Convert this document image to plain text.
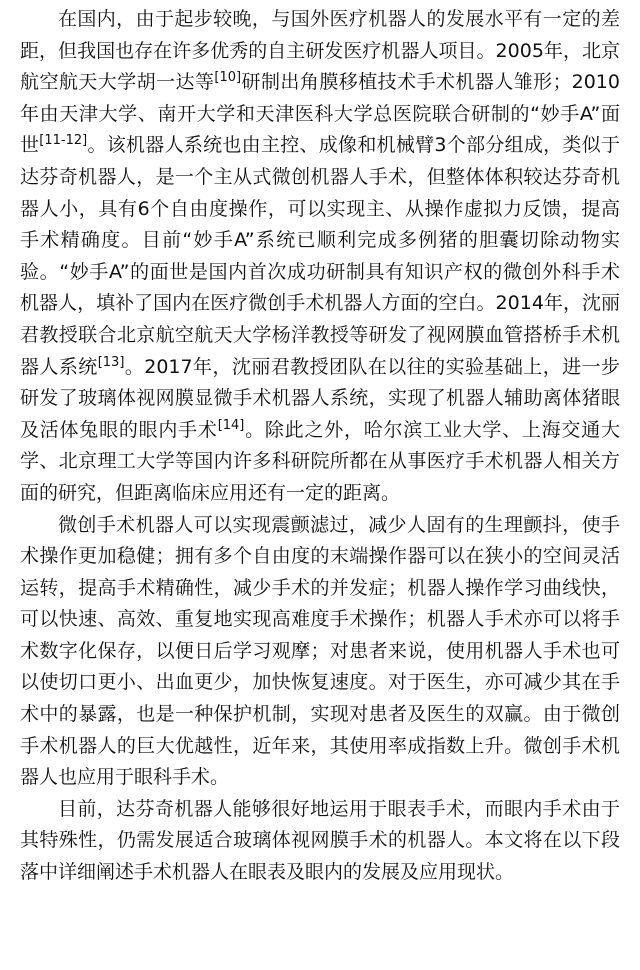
在国内，由于起步较晚，与国外医疗机器人的发展水平有一定的差距，但我国也存在许多优秀的自主研发医疗机器人项目。2005年，北京航空航天大学胡一达等[10]研制出角膜移植技术手术机器人雏形；2010年由天津大学、南开大学和天津医科大学总医院联合研制的“妙手A”面世[11-12]。该机器人系统也由主控、成像和机械臂3个部分组成，类似于达芬奇机器人，是一个主从式微创机器人手术，但整体体积较达芬奇机器人小，具有6个自由度操作，可以实现主、从操作虚拟力反馈，提高手术精确度。目前“妙手A”系统已顺利完成多例猪的胆囊切除动物实验。“妙手A”的面世是国内首次成功研制具有知识产权的微创外科手术机器人，填补了国内在医疗微创手术机器人方面的空白。2014年，沈丽君教授联合北京航空航天大学杨洋教授等研发了视网膜血管搭桥手术机器人系统[13]。2017年，沈丽君教授团队在以往的实验基础上，进一步研发了玻璃体视网膜显微手术机器人系统，实现了机器人辅助离体猪眼及活体兔眼的眼内手术[14]。除此之外，哈尔滨工业大学、上海交通大学、北京理工大学等国内许多科研院所都在从事医疗手术机器人相关方面的研究，但距离临床应用还有一定的距离。

微创手术机器人可以实现震颤滤过，减少人固有的生理颤抖，使手术操作更加稳健；拥有多个自由度的末端操作器可以在狭小的空间灵活运转，提高手术精确性，减少手术的并发症；机器人操作学习曲线快，可以快速、高效、重复地实现高难度手术操作；机器人手术亦可以将手术数字化保存，以便日后学习观摩；对患者来说，使用机器人手术也可以使切口更小、出血更少，加快恢复速度。对于医生，亦可减少其在手术中的暴露，也是一种保护机制，实现对患者及医生的双赢。由于微创手术机器人的巨大优越性，近年来，其使用率成指数上升。微创手术机器人也应用于眼科手术。

目前，达芬奇机器人能够很好地运用于眼表手术，而眼内手术由于其特殊性，仍需发展适合玻璃体视网膜手术的机器人。本文将在以下段落中详细阐述手术机器人在眼表及眼内的发展及应用现状。
